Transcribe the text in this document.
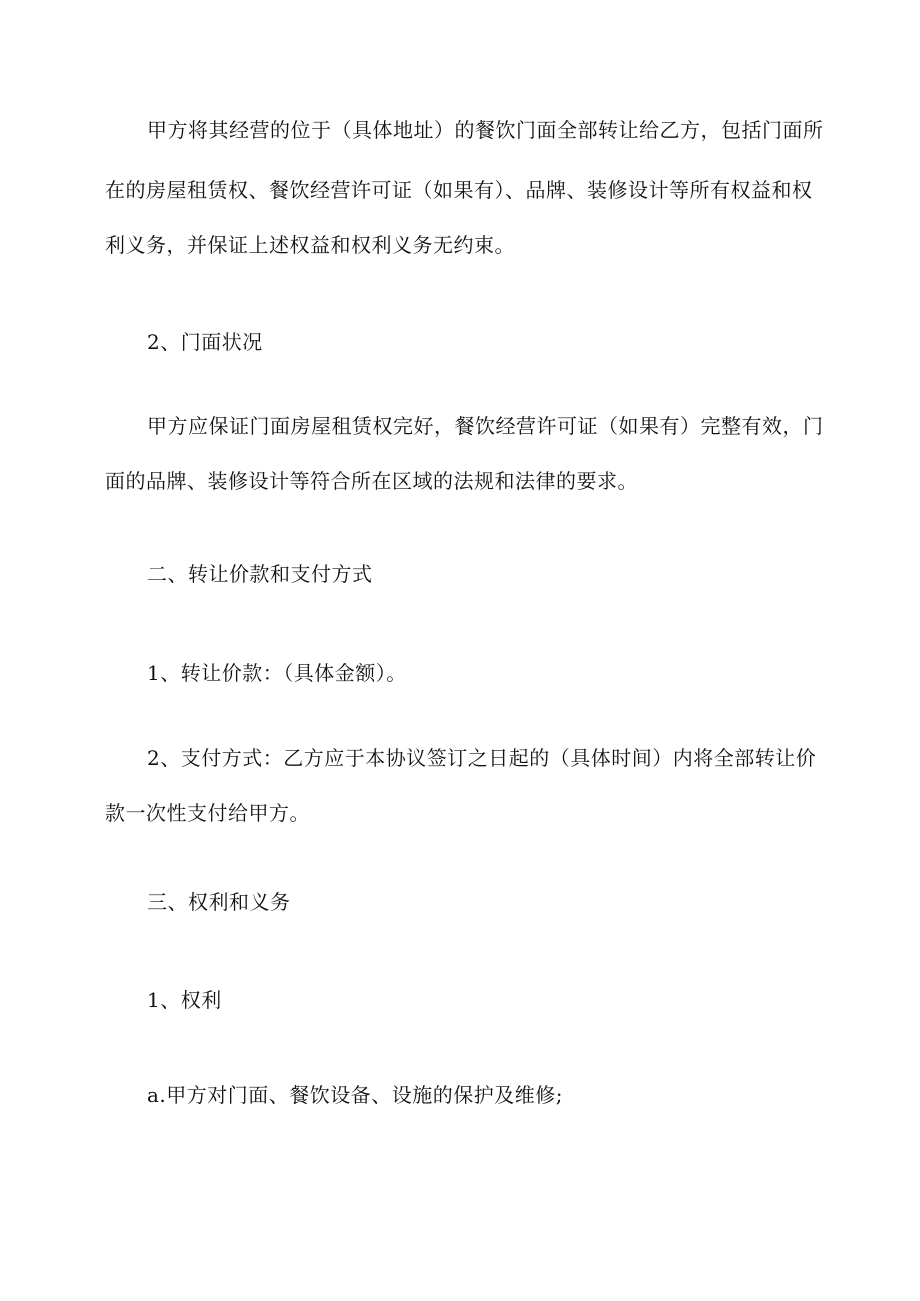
甲方将其经营的位于（具体地址）的餐饮门面全部转让给乙方，包括门面所
在的房屋租赁权、餐饮经营许可证（如果有）、品牌、装修设计等所有权益和权
利义务，并保证上述权益和权利义务无约束。
2、门面状况
甲方应保证门面房屋租赁权完好，餐饮经营许可证（如果有）完整有效，门
面的品牌、装修设计等符合所在区域的法规和法律的要求。
二、转让价款和支付方式
1、转让价款：（具体金额）。
2、支付方式：乙方应于本协议签订之日起的（具体时间）内将全部转让价
款一次性支付给甲方。
三、权利和义务
1、权利
a.甲方对门面、餐饮设备、设施的保护及维修;
